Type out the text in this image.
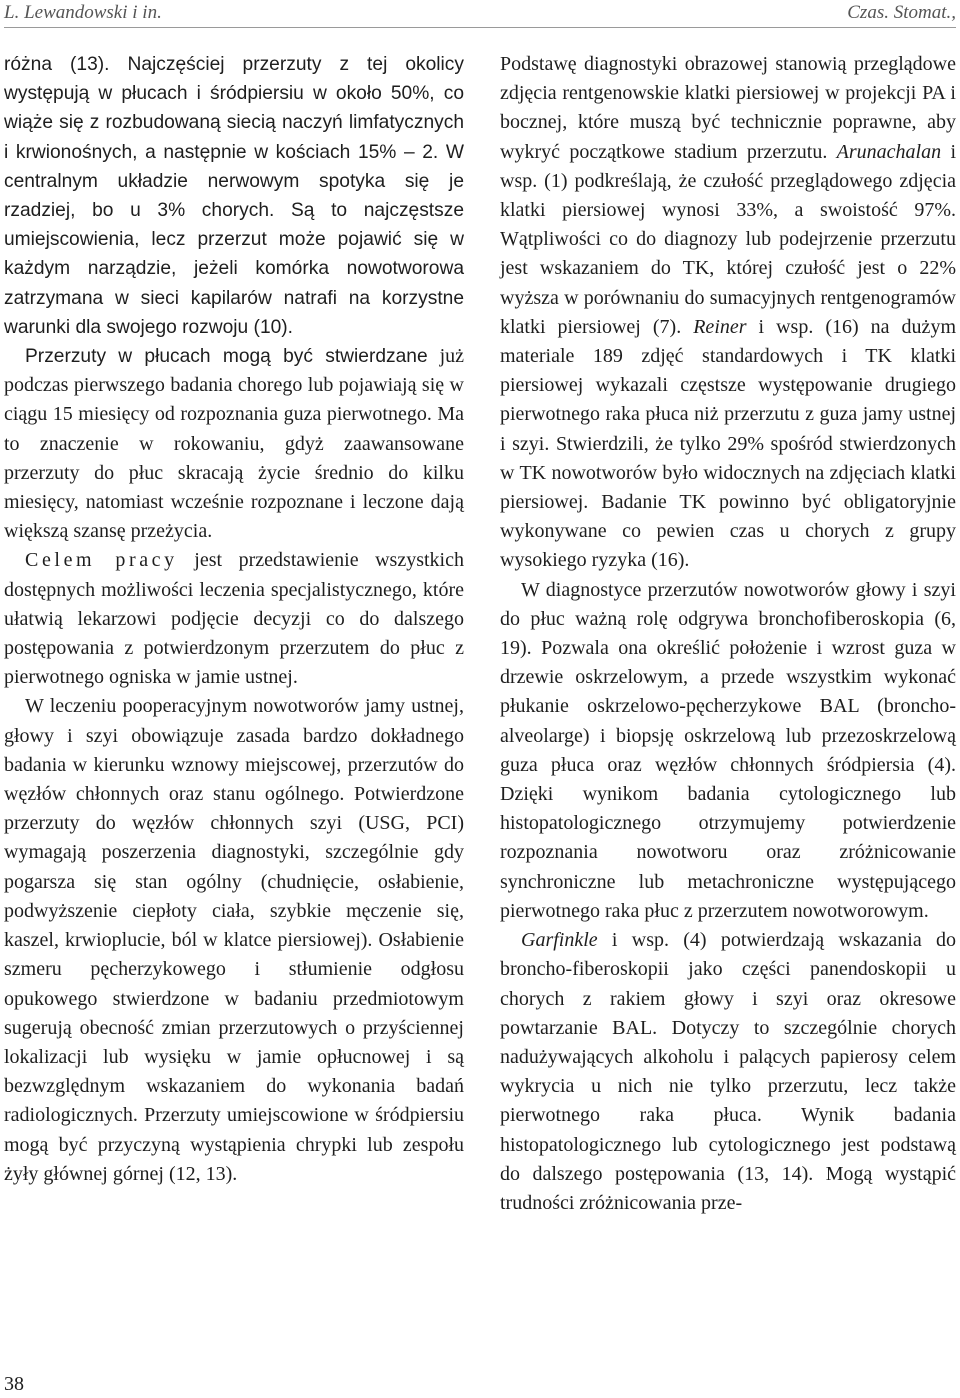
L. Lewandowski i in.	Czas. Stomat.,

różna (13). Najczęściej przerzuty z tej okolicy występują w płucach i śródpiersiu w około 50%, co wiąże się z rozbudowaną siecią naczyń limfatycznych i krwionośnych, a następnie w kościach 15% – 2. W centralnym układzie nerwowym spotyka się je rzadziej, bo u 3% chorych. Są to najczęstsze umiejscowienia, lecz przerzut może pojawić się w każdym narządzie, jeżeli komórka nowotworowa zatrzymana w sieci kapilarów natrafi na korzystne warunki dla swojego rozwoju (10).

Przerzuty w płucach mogą być stwierdzane już podczas pierwszego badania chorego lub pojawiają się w ciągu 15 miesięcy od rozpoznania guza pierwotnego. Ma to znaczenie w rokowaniu, gdyż zaawansowane przerzuty do płuc skracają życie średnio do kilku miesięcy, natomiast wcześnie rozpoznane i leczone dają większą szansę przeżycia.

Celem pracy jest przedstawienie wszystkich dostępnych możliwości leczenia specjalistycznego, które ułatwią lekarzowi podjęcie decyzji co do dalszego postępowania z potwierdzonym przerzutem do płuc z pierwotnego ogniska w jamie ustnej.

W leczeniu pooperacyjnym nowotworów jamy ustnej, głowy i szyi obowiązuje zasada bardzo dokładnego badania w kierunku wznowy miejscowej, przerzutów do węzłów chłonnych oraz stanu ogólnego. Potwierdzone przerzuty do węzłów chłonnych szyi (USG, PCI) wymagają poszerzenia diagnostyki, szczególnie gdy pogarsza się stan ogólny (chudnięcie, osłabienie, podwyższenie ciepłoty ciała, szybkie męczenie się, kaszel, krwioplucie, ból w klatce piersiowej). Osłabienie szmeru pęcherzykowego i stłumienie odgłosu opukowego stwierdzone w badaniu przedmiotowym sugerują obecność zmian przerzutowych o przyściennej lokalizacji lub wysięku w jamie opłucnowej i są bezwzględnym wskazaniem do wykonania badań radiologicznych. Przerzuty umiejscowione w śródpiersiu mogą być przyczyną wystąpienia chrypki lub zespołu żyły głównej górnej (12, 13).

Podstawę diagnostyki obrazowej stanowią przeglądowe zdjęcia rentgenowskie klatki piersiowej w projekcji PA i bocznej, które muszą być technicznie poprawne, aby wykryć początkowe stadium przerzutu. Arunachalan i wsp. (1) podkreślają, że czułość przeglądowego zdjęcia klatki piersiowej wynosi 33%, a swoistość 97%. Wątpliwości co do diagnozy lub podejrzenie przerzutu jest wskazaniem do TK, której czułość jest o 22% wyższa w porównaniu do sumacyjnych rentgenogramów klatki piersiowej (7). Reiner i wsp. (16) na dużym materiale 189 zdjęć standardowych i TK klatki piersiowej wykazali częstsze występowanie drugiego pierwotnego raka płuca niż przerzutu z guza jamy ustnej i szyi. Stwierdzili, że tylko 29% spośród stwierdzonych w TK nowotworów było widocznych na zdjęciach klatki piersiowej. Badanie TK powinno być obligatoryjnie wykonywane co pewien czas u chorych z grupy wysokiego ryzyka (16).

W diagnostyce przerzutów nowotworów głowy i szyi do płuc ważną rolę odgrywa bronchofiberoskopia (6, 19). Pozwala ona określić położenie i wzrost guza w drzewie oskrzelowym, a przede wszystkim wykonać płukanie oskrzelowo-pęcherzykowe BAL (broncho-alveolarge) i biopsję oskrzelową lub przezoskrzelową guza płuca oraz węzłów chłonnych śródpiersia (4). Dzięki wynikom badania cytologicznego lub histopatologicznego otrzymujemy potwierdzenie rozpoznania nowotworu oraz zróżnicowanie synchroniczne lub metachroniczne występującego pierwotnego raka płuc z przerzutem nowotworowym.

Garfinkle i wsp. (4) potwierdzają wskazania do broncho-fiberoskopii jako części panendoskopii u chorych z rakiem głowy i szyi oraz okresowe powtarzanie BAL. Dotyczy to szczególnie chorych nadużywających alkoholu i palących papierosy celem wykrycia u nich nie tylko przerzutu, lecz także pierwotnego raka płuca. Wynik badania histopatologicznego lub cytologicznego jest podstawą do dalszego postępowania (13, 14). Mogą wystąpić trudności zróżnicowania prze-

38
